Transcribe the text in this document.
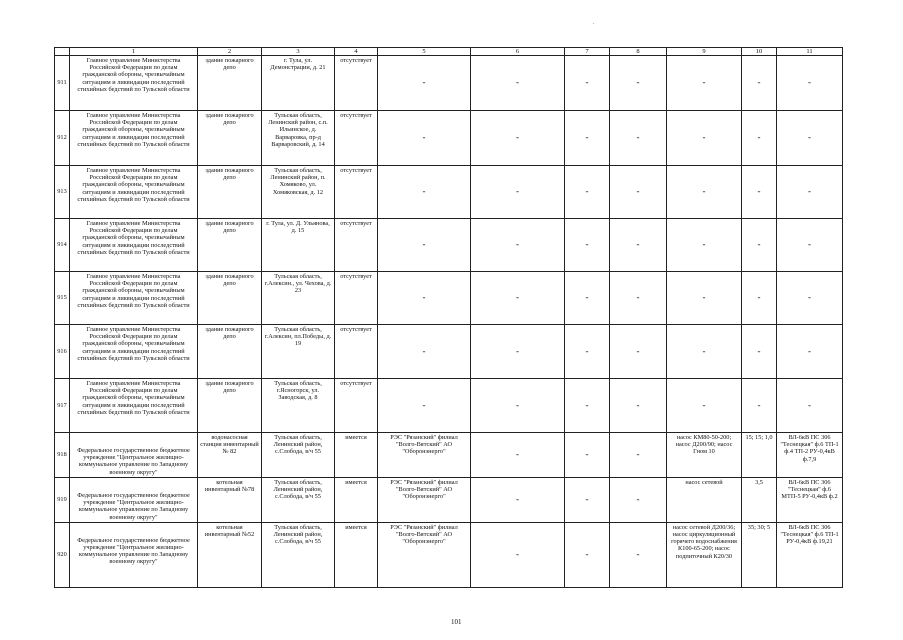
.
	1	2	3	4	5	6	7	8	9	10	11
911	Главное управление Министерства Российской Федерации по делам гражданской обороны, чрезвычайным ситуациям и ликвидации последствий стихийных бедствий по Тульской области	здание пожарного депо	г. Тула, ул. Демонстрации, д. 21	отсутствует	-	-	-	-	-	-	-
912	Главное управление Министерства Российской Федерации по делам гражданской обороны, чрезвычайным ситуациям и ликвидации последствий стихийных бедствий по Тульской области	здание пожарного депо	Тульская область, Ленинский район, с.п. Ильинское, д. Варваровка, пр-д Варваровский, д. 14	отсутствует	-	-	-	-	-	-	-
913	Главное управление Министерства Российской Федерации по делам гражданской обороны, чрезвычайным ситуациям и ликвидации последствий стихийных бедствий по Тульской области	здание пожарного депо	Тульская область, Ленинский район, п. Хомяково, ул. Хомяковская, д. 12	отсутствует	-	-	-	-	-	-	-
914	Главное управление Министерства Российской Федерации по делам гражданской обороны, чрезвычайным ситуациям и ликвидации последствий стихийных бедствий по Тульской области	здание пожарного депо	г. Тула, ул. Д. Ульянова, д. 15	отсутствует	-	-	-	-	-	-	-
915	Главное управление Министерства Российской Федерации по делам гражданской обороны, чрезвычайным ситуациям и ликвидации последствий стихийных бедствий по Тульской области	здание пожарного депо	Тульская область, г.Алексин., ул. Чехова, д. 23	отсутствует	-	-	-	-	-	-	-
916	Главное управление Министерства Российской Федерации по делам гражданской обороны, чрезвычайным ситуациям и ликвидации последствий стихийных бедствий по Тульской области	здание пожарного депо	Тульская область, г.Алексин, пл.Победы, д. 19	отсутствует	-	-	-	-	-	-	-
917	Главное управление Министерства Российской Федерации по делам гражданской обороны, чрезвычайным ситуациям и ликвидации последствий стихийных бедствий по Тульской области	здание пожарного депо	Тульская область, г.Ясногорск, ул. Заводская, д. 8	отсутствует	-	-	-	-	-	-	-
918	Федеральное государственное бюджетное учреждение "Центральное жилищно-коммунальное управление по Западному военному округу"	водонасосная станция инвентарный № 82	Тульская область, Ленинский район, с.Слобода, в/ч 55	имеется	РЭС "Рязанский" филиал "Волго-Вятский" АО "Оборонэнерго"	-	-	-	насос КМ80-50-200; насос Д200/90; насос Гном 10	15; 15; 1,0	ВЛ-6кВ ПС 306 "Теснецкая" ф.6 ТП-1 ф.4 ТП-2 РУ-0,4кВ ф.7,9
919	Федеральное государственное бюджетное учреждение "Центральное жилищно-коммунальное управление по Западному военному округу"	котельная инвентарный №78	Тульская область, Ленинский район, с.Слобода, в/ч 55	имеется	РЭС "Рязанский" филиал "Волго-Вятский" АО "Оборонэнерго"	-	-	-	насос сетевой	3,5	ВЛ-6кВ ПС 306 "Теснецкая" ф.6 МТП-5 РУ-0,4кВ ф.2
920	Федеральное государственное бюджетное учреждение "Центральное жилищно-коммунальное управление по Западному военному округу"	котельная инвентарный №52	Тульская область, Ленинский район, с.Слобода, в/ч 55	имеется	РЭС "Рязанский" филиал "Волго-Вятский" АО "Оборонэнерго"	-	-	-	насос сетевой Д200/36; насос циркуляционный горячего водоснабжения К100-65-200; насос подпиточный К20/30	35; 30; 5	ВЛ-6кВ ПС 306 "Теснецкая" ф.6 ТП-1 РУ-0,4кВ ф.19,21
101
